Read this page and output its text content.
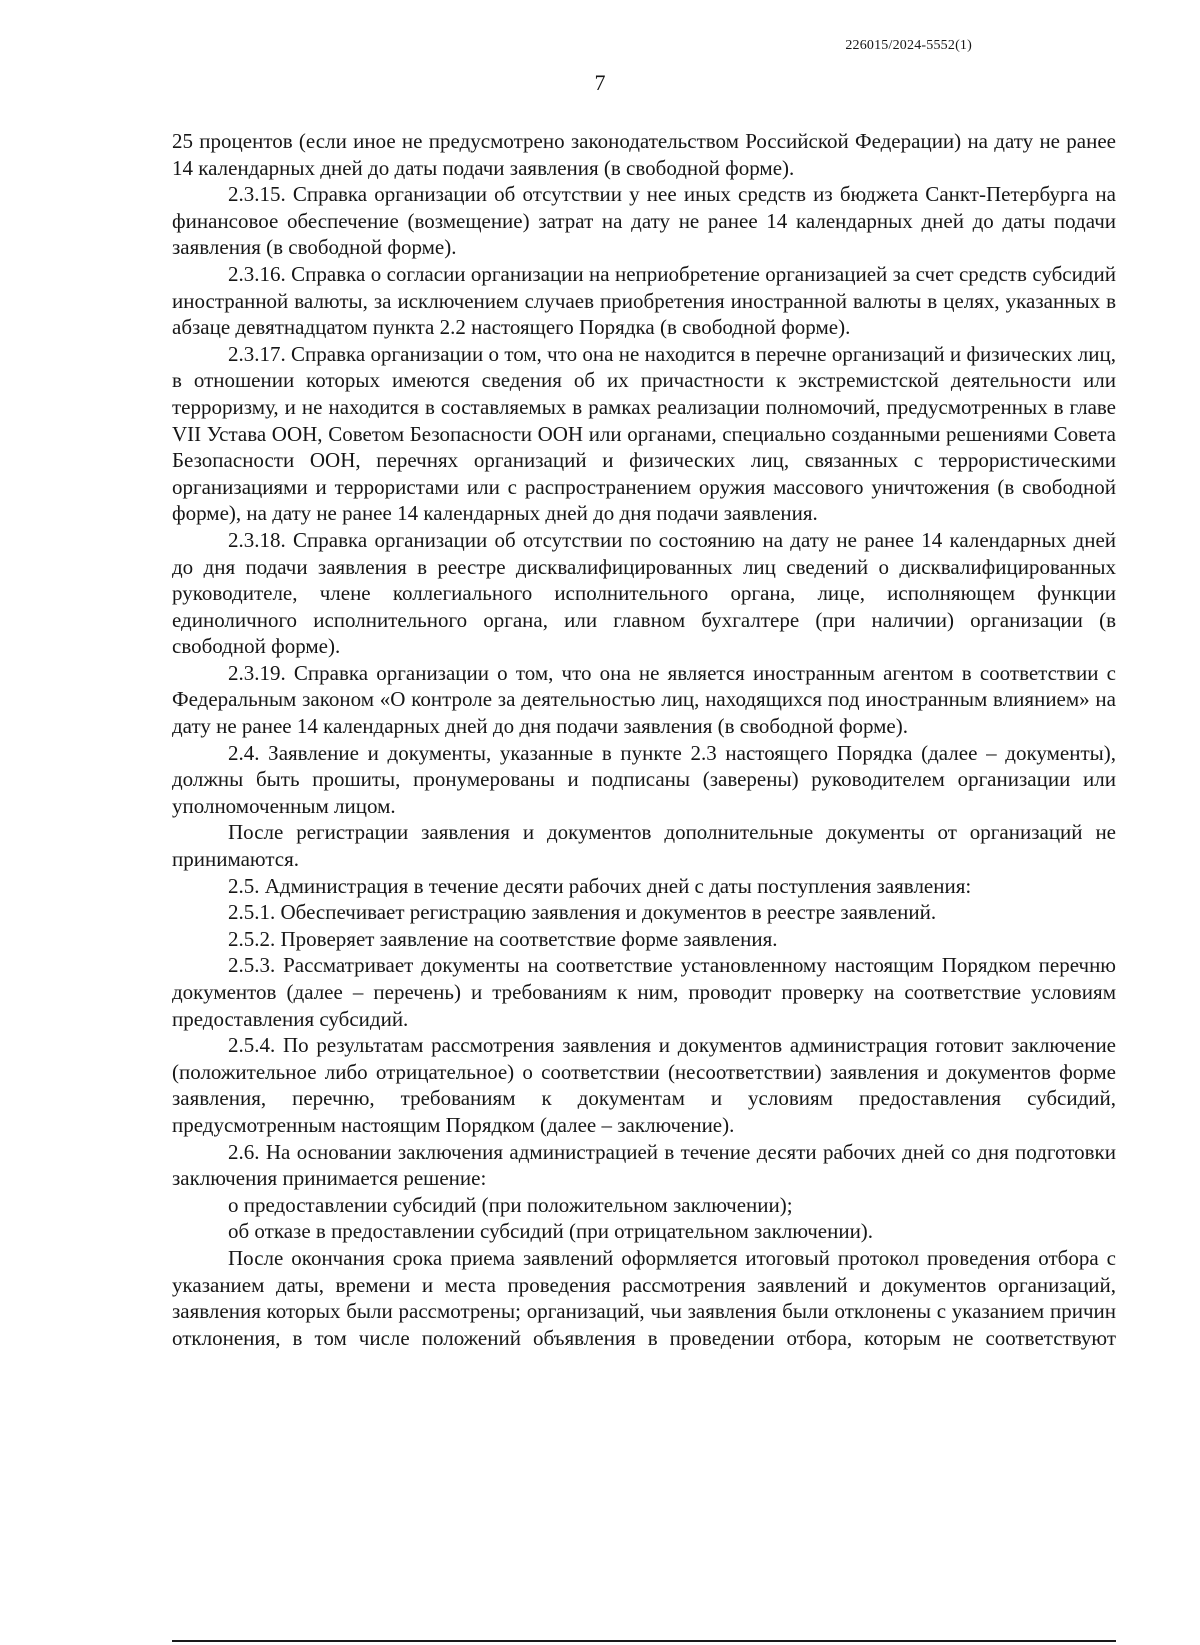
226015/2024-5552(1)
7

25 процентов (если иное не предусмотрено законодательством Российской Федерации) на дату не ранее 14 календарных дней до даты подачи заявления (в свободной форме).

2.3.15. Справка организации об отсутствии у нее иных средств из бюджета Санкт-Петербурга на финансовое обеспечение (возмещение) затрат на дату не ранее 14 календарных дней до даты подачи заявления (в свободной форме).

2.3.16. Справка о согласии организации на неприобретение организацией за счет средств субсидий иностранной валюты, за исключением случаев приобретения иностранной валюты в целях, указанных в абзаце девятнадцатом пункта 2.2 настоящего Порядка (в свободной форме).

2.3.17. Справка организации о том, что она не находится в перечне организаций и физических лиц, в отношении которых имеются сведения об их причастности к экстремистской деятельности или терроризму, и не находится в составляемых в рамках реализации полномочий, предусмотренных в главе VII Устава ООН, Советом Безопасности ООН или органами, специально созданными решениями Совета Безопасности ООН, перечнях организаций и физических лиц, связанных с террористическими организациями и террористами или с распространением оружия массового уничтожения (в свободной форме), на дату не ранее 14 календарных дней до дня подачи заявления.

2.3.18. Справка организации об отсутствии по состоянию на дату не ранее 14 календарных дней до дня подачи заявления в реестре дисквалифицированных лиц сведений о дисквалифицированных руководителе, члене коллегиального исполнительного органа, лице, исполняющем функции единоличного исполнительного органа, или главном бухгалтере (при наличии) организации (в свободной форме).

2.3.19. Справка организации о том, что она не является иностранным агентом в соответствии с Федеральным законом «О контроле за деятельностью лиц, находящихся под иностранным влиянием» на дату не ранее 14 календарных дней до дня подачи заявления (в свободной форме).

2.4. Заявление и документы, указанные в пункте 2.3 настоящего Порядка (далее – документы), должны быть прошиты, пронумерованы и подписаны (заверены) руководителем организации или уполномоченным лицом.

После регистрации заявления и документов дополнительные документы от организаций не принимаются.

2.5. Администрация в течение десяти рабочих дней с даты поступления заявления:

2.5.1. Обеспечивает регистрацию заявления и документов в реестре заявлений.

2.5.2. Проверяет заявление на соответствие форме заявления.

2.5.3. Рассматривает документы на соответствие установленному настоящим Порядком перечню документов (далее – перечень) и требованиям к ним, проводит проверку на соответствие условиям предоставления субсидий.

2.5.4. По результатам рассмотрения заявления и документов администрация готовит заключение (положительное либо отрицательное) о соответствии (несоответствии) заявления и документов форме заявления, перечню, требованиям к документам и условиям предоставления субсидий, предусмотренным настоящим Порядком (далее – заключение).

2.6. На основании заключения администрацией в течение десяти рабочих дней со дня подготовки заключения принимается решение:

о предоставлении субсидий (при положительном заключении);

об отказе в предоставлении субсидий (при отрицательном заключении).

После окончания срока приема заявлений оформляется итоговый протокол проведения отбора с указанием даты, времени и места проведения рассмотрения заявлений и документов организаций, заявления которых были рассмотрены; организаций, чьи заявления были отклонены с указанием причин отклонения, в том числе положений объявления в проведении отбора, которым не соответствуют
